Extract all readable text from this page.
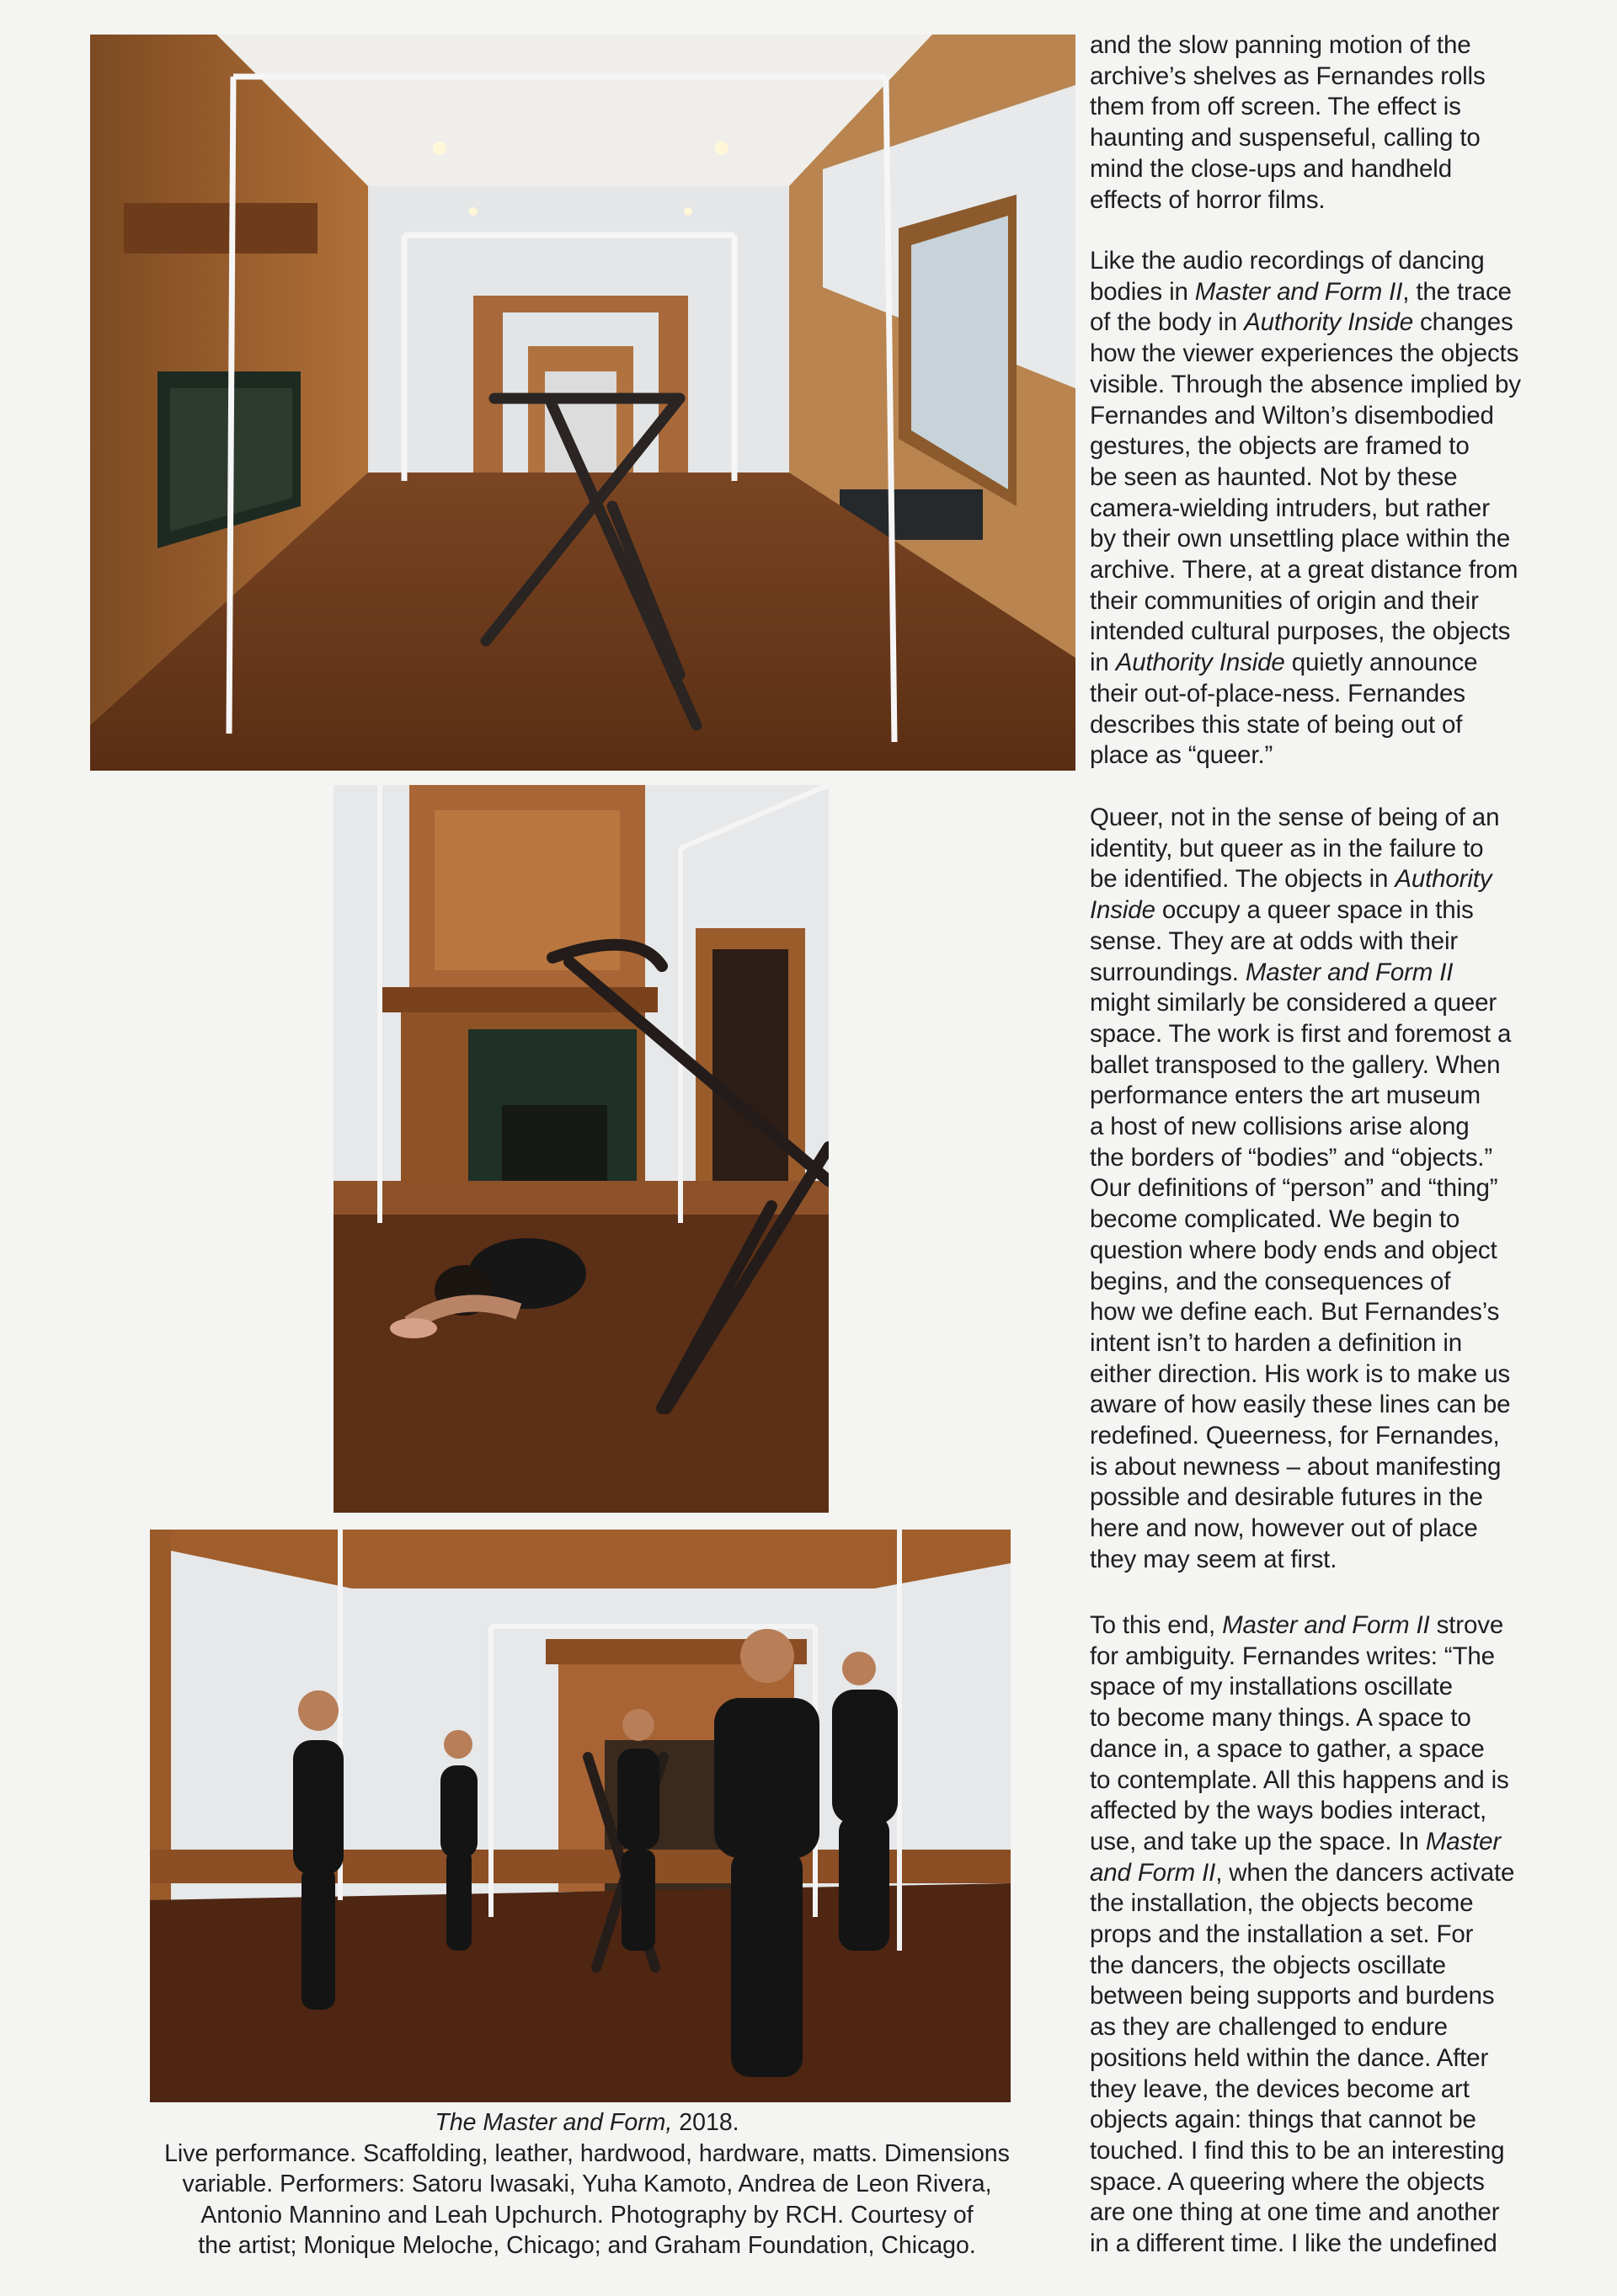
and the slow panning motion of the
archive’s shelves as Fernandes rolls
them from off screen. The effect is
haunting and suspenseful, calling to
mind the close-ups and handheld
effects of horror films.
Like the audio recordings of dancing
bodies in Master and Form II, the trace
of the body in Authority Inside changes
how the viewer experiences the objects
visible. Through the absence implied by
Fernandes and Wilton’s disembodied
gestures, the objects are framed to
be seen as haunted. Not by these
camera-wielding intruders, but rather
by their own unsettling place within the
archive. There, at a great distance from
their communities of origin and their
intended cultural purposes, the objects
in Authority Inside quietly announce
their out-of-place-ness. Fernandes
describes this state of being out of
place as “queer.”
Queer, not in the sense of being of an
identity, but queer as in the failure to
be identified. The objects in Authority
Inside occupy a queer space in this
sense. They are at odds with their
surroundings. Master and Form II
might similarly be considered a queer
space. The work is first and foremost a
ballet transposed to the gallery. When
performance enters the art museum
a host of new collisions arise along
the borders of “bodies” and “objects.”
Our definitions of “person” and “thing”
become complicated. We begin to
question where body ends and object
begins, and the consequences of
how we define each. But Fernandes’s
intent isn’t to harden a definition in
either direction. His work is to make us
aware of how easily these lines can be
redefined. Queerness, for Fernandes,
is about newness – about manifesting
possible and desirable futures in the
here and now, however out of place
they may seem at first.
To this end, Master and Form II strove
for ambiguity. Fernandes writes: “The
space of my installations oscillate
to become many things. A space to
dance in, a space to gather, a space
to contemplate. All this happens and is
affected by the ways bodies interact,
use, and take up the space. In Master
and Form II, when the dancers activate
the installation, the objects become
props and the installation a set. For
the dancers, the objects oscillate
between being supports and burdens
as they are challenged to endure
positions held within the dance. After
they leave, the devices become art
objects again: things that cannot be
touched. I find this to be an interesting
space. A queering where the objects
are one thing at one time and another
in a different time. I like the undefined
The Master and Form, 2018.
Live performance. Scaffolding, leather, hardwood, hardware, matts. Dimensions
variable. Performers: Satoru Iwasaki, Yuha Kamoto, Andrea de Leon Rivera,
Antonio Mannino and Leah Upchurch. Photography by RCH. Courtesy of
the artist; Monique Meloche, Chicago; and Graham Foundation, Chicago.
